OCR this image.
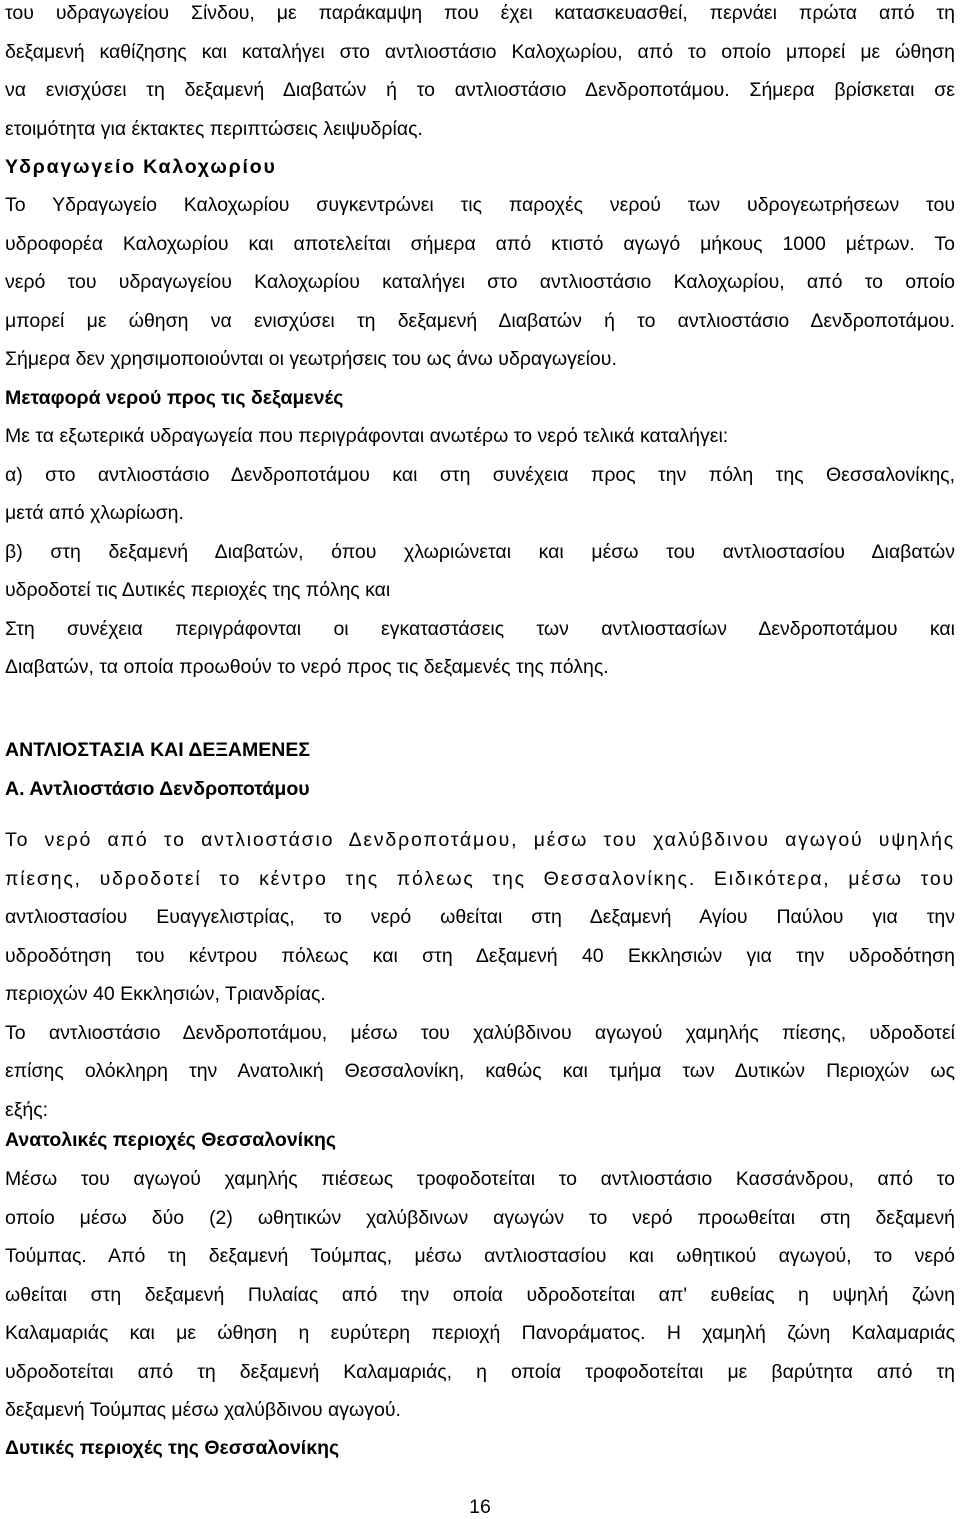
του υδραγωγείου Σίνδου, με παράκαμψη που έχει κατασκευασθεί, περνάει πρώτα από τη

δεξαμενή καθίζησης και καταλήγει στο αντλιοστάσιο Καλοχωρίου, από το οποίο μπορεί με ώθηση

να ενισχύσει τη δεξαμενή Διαβατών ή το αντλιοστάσιο Δενδροποτάμου. Σήμερα βρίσκεται σε

ετοιμότητα για έκτακτες περιπτώσεις λειψυδρίας.

Υδραγωγείο Καλοχωρίου

Το Υδραγωγείο Καλοχωρίου συγκεντρώνει τις παροχές νερού των υδρογεωτρήσεων του

υδροφορέα Καλοχωρίου και αποτελείται σήμερα από κτιστό αγωγό μήκους 1000 μέτρων. Το

νερό του υδραγωγείου Καλοχωρίου καταλήγει στο αντλιοστάσιο Καλοχωρίου, από το οποίο

μπορεί με ώθηση να ενισχύσει τη δεξαμενή Διαβατών ή το αντλιοστάσιο Δενδροποτάμου.

Σήμερα δεν χρησιμοποιούνται οι γεωτρήσεις του ως άνω υδραγωγείου.

Μεταφορά νερού προς τις δεξαμενές

Με τα εξωτερικά υδραγωγεία που περιγράφονται ανωτέρω το νερό τελικά καταλήγει:

α) στο αντλιοστάσιο Δενδροποτάμου και στη συνέχεια προς την πόλη της Θεσσαλονίκης,

μετά από χλωρίωση.

β) στη δεξαμενή Διαβατών, όπου χλωριώνεται και μέσω του αντλιοστασίου Διαβατών

υδροδοτεί τις Δυτικές περιοχές της πόλης και

Στη συνέχεια περιγράφονται οι εγκαταστάσεις των αντλιοστασίων Δενδροποτάμου και

Διαβατών, τα οποία προωθούν το νερό προς τις δεξαμενές της πόλης.

ΑΝΤΛΙΟΣΤΑΣΙΑ ΚΑΙ ΔΕΞΑΜΕΝΕΣ

Α. Αντλιοστάσιο Δενδροποτάμου

Το νερό από το αντλιοστάσιο Δενδροποτάμου, μέσω του χαλύβδινου αγωγού υψηλής

πίεσης, υδροδοτεί το κέντρο της πόλεως της Θεσσαλονίκης. Ειδικότερα, μέσω του

αντλιοστασίου Ευαγγελιστρίας, το νερό ωθείται στη Δεξαμενή Αγίου Παύλου για την

υδροδότηση του κέντρου πόλεως και στη Δεξαμενή 40 Εκκλησιών για την υδροδότηση

περιοχών 40 Εκκλησιών, Τριανδρίας.

Το αντλιοστάσιο Δενδροποτάμου, μέσω του χαλύβδινου αγωγού χαμηλής πίεσης, υδροδοτεί

επίσης ολόκληρη την Ανατολική Θεσσαλονίκη, καθώς και τμήμα των Δυτικών Περιοχών ως

εξής:

Ανατολικές περιοχές Θεσσαλονίκης

Μέσω του αγωγού χαμηλής πιέσεως τροφοδοτείται το αντλιοστάσιο Κασσάνδρου, από το

οποίο μέσω δύο (2) ωθητικών χαλύβδινων αγωγών το νερό προωθείται στη δεξαμενή

Τούμπας. Από τη δεξαμενή Τούμπας, μέσω αντλιοστασίου και ωθητικού αγωγού, το νερό

ωθείται στη δεξαμενή Πυλαίας από την οποία υδροδοτείται απ' ευθείας η υψηλή ζώνη

Καλαμαριάς και με ώθηση η ευρύτερη περιοχή Πανοράματος. Η χαμηλή ζώνη Καλαμαριάς

υδροδοτείται από τη δεξαμενή Καλαμαριάς, η οποία τροφοδοτείται με βαρύτητα από τη

δεξαμενή Τούμπας μέσω χαλύβδινου αγωγού.

Δυτικές περιοχές της Θεσσαλονίκης

16
